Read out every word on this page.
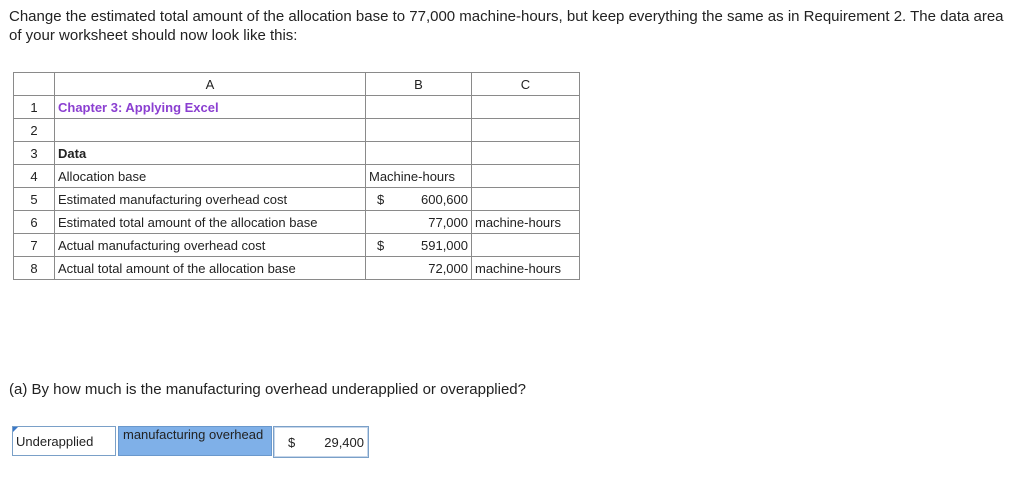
Change the estimated total amount of the allocation base to 77,000 machine-hours, but keep everything the same as in Requirement 2. The data area of your worksheet should now look like this:
	A	B	C
1	Chapter 3: Applying Excel		
2			
3	Data		
4	Allocation base	Machine-hours	
5	Estimated manufacturing overhead cost	$ 600,600	

6	Estimated total amount of the allocation base	77,000	machine-hours
7	Actual manufacturing overhead cost	$ 591,000	

8	Actual total amount of the allocation base	72,000	machine-hours
(a) By how much is the manufacturing overhead underapplied or overapplied?
Underapplied	manufacturing overhead	$ 29,400
